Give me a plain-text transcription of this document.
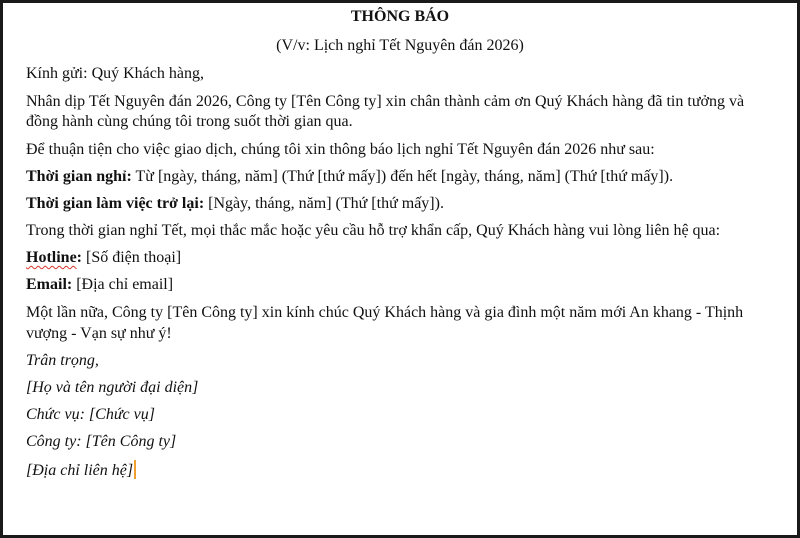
THÔNG BÁO
(V/v: Lịch nghỉ Tết Nguyên đán 2026)
Kính gửi: Quý Khách hàng,
Nhân dịp Tết Nguyên đán 2026, Công ty [Tên Công ty] xin chân thành cảm ơn Quý Khách hàng đã tin tưởng và
đồng hành cùng chúng tôi trong suốt thời gian qua.
Để thuận tiện cho việc giao dịch, chúng tôi xin thông báo lịch nghỉ Tết Nguyên đán 2026 như sau:
Thời gian nghỉ: Từ [ngày, tháng, năm] (Thứ [thứ mấy]) đến hết [ngày, tháng, năm] (Thứ [thứ mấy]).
Thời gian làm việc trở lại: [Ngày, tháng, năm] (Thứ [thứ mấy]).
Trong thời gian nghỉ Tết, mọi thắc mắc hoặc yêu cầu hỗ trợ khẩn cấp, Quý Khách hàng vui lòng liên hệ qua:
Hotline: [Số điện thoại]
Email: [Địa chỉ email]
Một lần nữa, Công ty [Tên Công ty] xin kính chúc Quý Khách hàng và gia đình một năm mới An khang - Thịnh
vượng - Vạn sự như ý!
Trân trọng,
[Họ và tên người đại diện]
Chức vụ: [Chức vụ]
Công ty: [Tên Công ty]
[Địa chỉ liên hệ]
